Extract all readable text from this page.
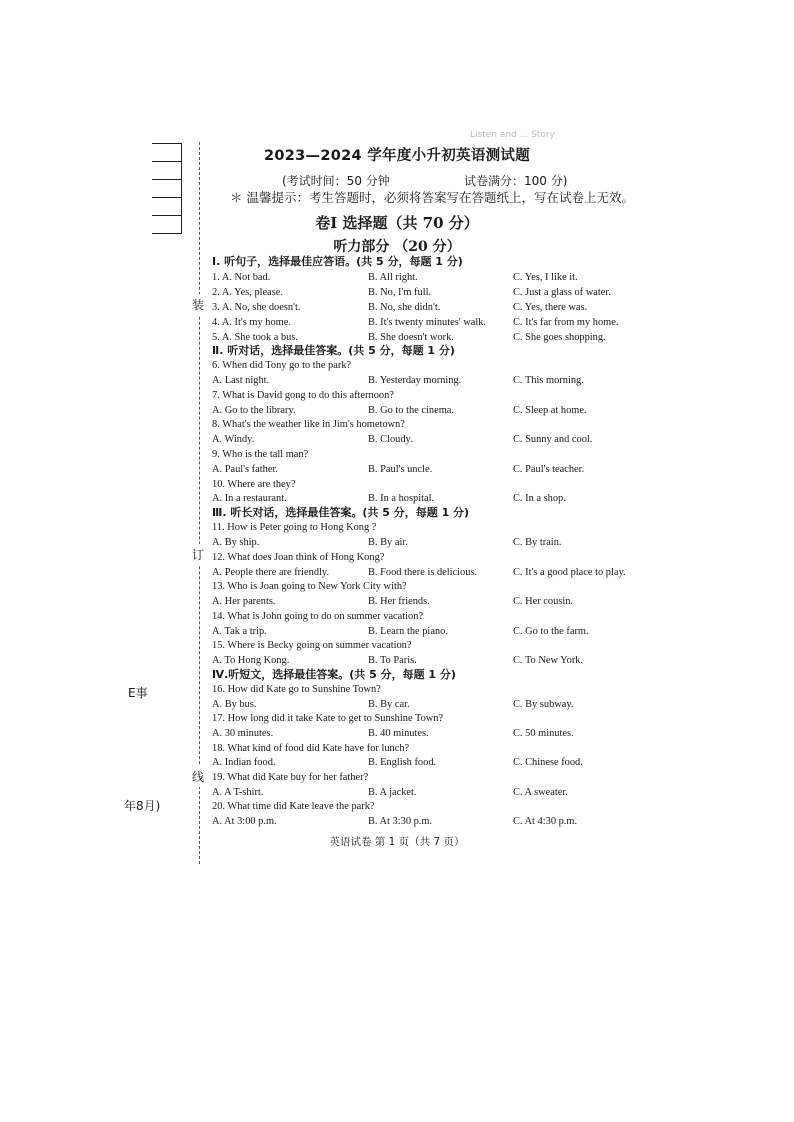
装
订
线
E事
年8月)
Listen and ... Story
2023—2024 学年度小升初英语测试题
(考试时间：50 分钟	试卷满分：100 分)
＊ 温馨提示：考生答题时，必须将答案写在答题纸上，写在试卷上无效。
卷Ⅰ 选择题（共 70 分）
听力部分 （20 分）
Ⅰ. 听句子，选择最佳应答语。(共 5 分，每题 1 分)
1. A. Not bad.	B. All right.	C. Yes, I like it.
2. A. Yes, please.	B. No, I'm full.	C. Just a glass of water.
3. A. No, she doesn't.	B. No, she didn't.	C. Yes, there was.
4. A. It's my home.	B. It's twenty minutes' walk.	C. It's far from my home.
5. A. She took a bus.	B. She doesn't work.	C. She goes shopping.
Ⅱ. 听对话，选择最佳答案。(共 5 分，每题 1 分)
6. When did Tony go to the park?
A. Last night.	B. Yesterday morning.	C. This morning.
7. What is David gong to do this afternoon?
A. Go to the library.	B. Go to the cinema.	C. Sleep at home.
8. What's the weather like in Jim's hometown?
A. Windy.	B. Cloudy.	C. Sunny and cool.
9. Who is the tall man?
A. Paul's father.	B. Paul's uncle.	C. Paul's teacher.
10. Where are they?
A. In a restaurant.	B. In a hospital.	C. In a shop.
Ⅲ. 听长对话，选择最佳答案。(共 5 分，每题 1 分)
11. How is Peter going to Hong Kong ?
A. By ship.	B. By air.	C. By train.
12. What does Joan think of Hong Kong?
A. People there are friendly.	B. Food there is delicious.	C. It's a good place to play.
13. Who is Joan going to New York City with?
A. Her parents.	B. Her friends.	C. Her cousin.
14. What is John going to do on summer vacation?
A. Tak a trip.	B. Learn the piano.	C. Go to the farm.
15. Where is Becky going on summer vacation?
A. To Hong Kong.	B. To Paris.	C. To New York.
Ⅳ.听短文，选择最佳答案。(共 5 分，每题 1 分)
16. How did Kate go to Sunshine Town?
A. By bus.	B. By car.	C. By subway.
17. How long did it take Kate to get to Sunshine Town?
A. 30 minutes.	B. 40 minutes.	C. 50 minutes.
18. What kind of food did Kate have for lunch?
A. Indian food.	B. English food.	C. Chinese food.
19. What did Kate buy for her father?
A. A T-shirt.	B. A jacket.	C. A sweater.
20. What time did Kate leave the park?
A. At 3:00 p.m.	B. At 3:30 p.m.	C. At 4:30 p.m.
英语试卷 第 1 页（共 7 页）
